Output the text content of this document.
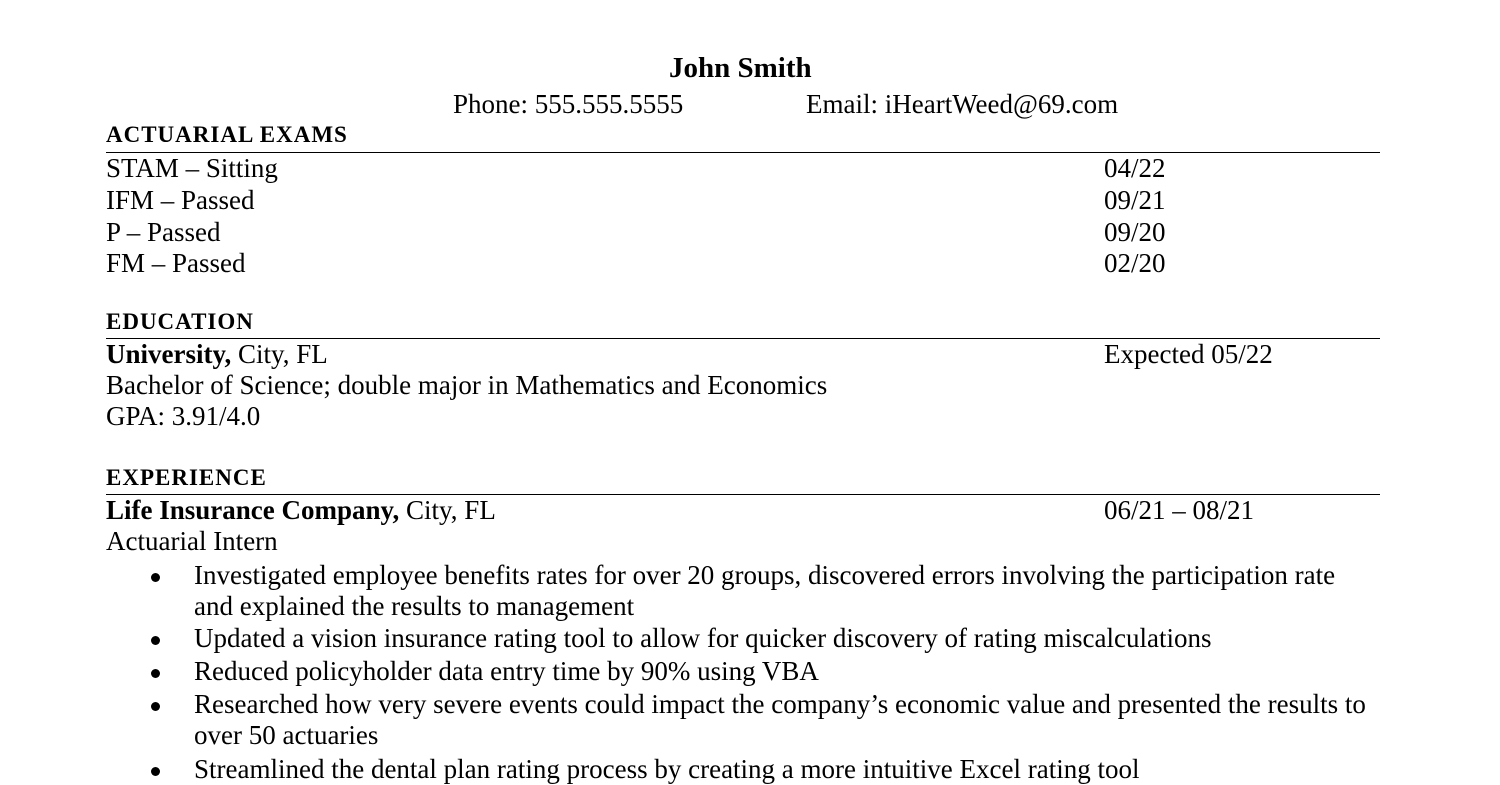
John Smith
Phone: 555.555.5555	Email: iHeartWeed@69.com
ACTUARIAL EXAMS
STAM – Sitting	04/22
IFM – Passed	09/21
P – Passed	09/20
FM – Passed	02/20
EDUCATION
University, City, FL	Expected 05/22
Bachelor of Science; double major in Mathematics and Economics
GPA: 3.91/4.0
EXPERIENCE
Life Insurance Company, City, FL	06/21 – 08/21
Actuarial Intern
Investigated employee benefits rates for over 20 groups, discovered errors involving the participation rate
and explained the results to management
Updated a vision insurance rating tool to allow for quicker discovery of rating miscalculations
Reduced policyholder data entry time by 90% using VBA
Researched how very severe events could impact the company’s economic value and presented the results to
over 50 actuaries
Streamlined the dental plan rating process by creating a more intuitive Excel rating tool
